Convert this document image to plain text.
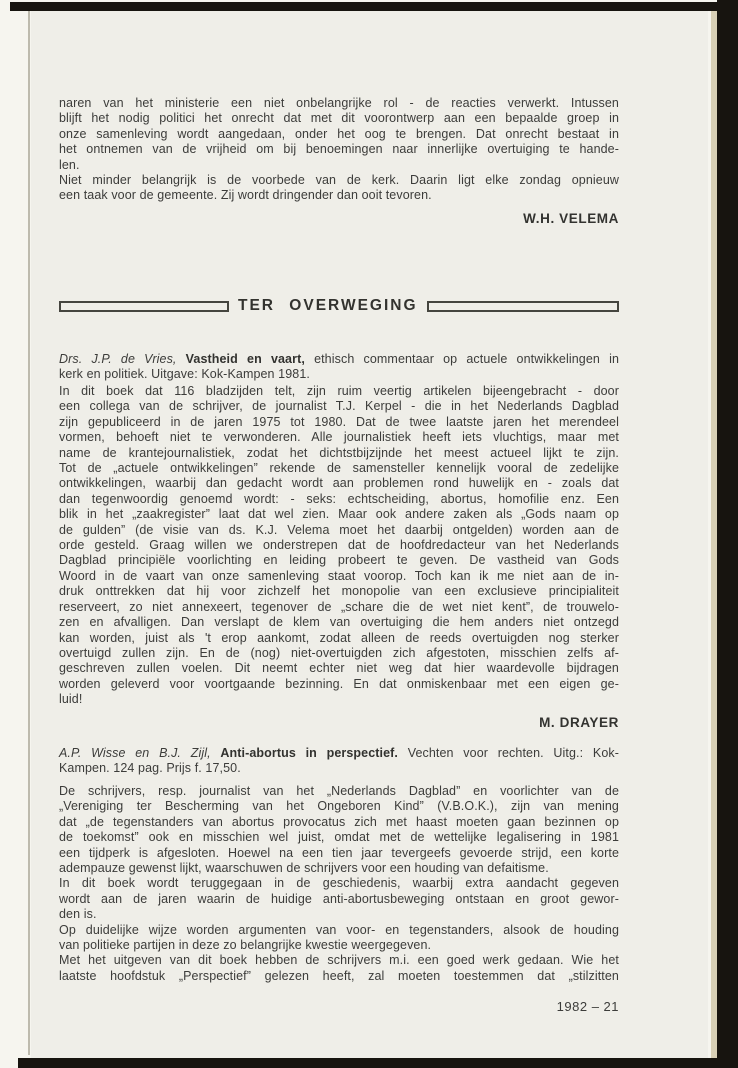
naren van het ministerie een niet onbelangrijke rol - de reacties verwerkt. Intussen
blijft het nodig politici het onrecht dat met dit voorontwerp aan een bepaalde groep in
onze samenleving wordt aangedaan, onder het oog te brengen. Dat onrecht bestaat in
het ontnemen van de vrijheid om bij benoemingen naar innerlijke overtuiging te hande-
len.
Niet minder belangrijk is de voorbede van de kerk. Daarin ligt elke zondag opnieuw
een taak voor de gemeente. Zij wordt dringender dan ooit tevoren.
W.H. VELEMA
TER OVERWEGING
Drs. J.P. de Vries, Vastheid en vaart, ethisch commentaar op actuele ontwikkelingen in
kerk en politiek. Uitgave: Kok-Kampen 1981.
In dit boek dat 116 bladzijden telt, zijn ruim veertig artikelen bijeengebracht - door
een collega van de schrijver, de journalist T.J. Kerpel - die in het Nederlands Dagblad
zijn gepubliceerd in de jaren 1975 tot 1980. Dat de twee laatste jaren het merendeel
vormen, behoeft niet te verwonderen. Alle journalistiek heeft iets vluchtigs, maar met
name de krantejournalistiek, zodat het dichtstbijzijnde het meest actueel lijkt te zijn.
Tot de „actuele ontwikkelingen” rekende de samensteller kennelijk vooral de zedelijke
ontwikkelingen, waarbij dan gedacht wordt aan problemen rond huwelijk en - zoals dat
dan tegenwoordig genoemd wordt: - seks: echtscheiding, abortus, homofilie enz. Een
blik in het „zaakregister” laat dat wel zien. Maar ook andere zaken als „Gods naam op
de gulden” (de visie van ds. K.J. Velema moet het daarbij ontgelden) worden aan de
orde gesteld. Graag willen we onderstrepen dat de hoofdredacteur van het Nederlands
Dagblad principiële voorlichting en leiding probeert te geven. De vastheid van Gods
Woord in de vaart van onze samenleving staat voorop. Toch kan ik me niet aan de in-
druk onttrekken dat hij voor zichzelf het monopolie van een exclusieve principialiteit
reserveert, zo niet annexeert, tegenover de „schare die de wet niet kent”, de trouwelo-
zen en afvalligen. Dan verslapt de klem van overtuiging die hem anders niet ontzegd
kan worden, juist als 't erop aankomt, zodat alleen de reeds overtuigden nog sterker
overtuigd zullen zijn. En de (nog) niet-overtuigden zich afgestoten, misschien zelfs af-
geschreven zullen voelen. Dit neemt echter niet weg dat hier waardevolle bijdragen
worden geleverd voor voortgaande bezinning. En dat onmiskenbaar met een eigen ge-
luid!
M. DRAYER
A.P. Wisse en B.J. Zijl, Anti-abortus in perspectief. Vechten voor rechten. Uitg.: Kok-
Kampen. 124 pag. Prijs f. 17,50.
De schrijvers, resp. journalist van het „Nederlands Dagblad” en voorlichter van de
„Vereniging ter Bescherming van het Ongeboren Kind” (V.B.O.K.), zijn van mening
dat „de tegenstanders van abortus provocatus zich met haast moeten gaan bezinnen op
de toekomst” ook en misschien wel juist, omdat met de wettelijke legalisering in 1981
een tijdperk is afgesloten. Hoewel na een tien jaar tevergeefs gevoerde strijd, een korte
adempauze gewenst lijkt, waarschuwen de schrijvers voor een houding van defaitisme.
In dit boek wordt teruggegaan in de geschiedenis, waarbij extra aandacht gegeven
wordt aan de jaren waarin de huidige anti-abortusbeweging ontstaan en groot gewor-
den is.
Op duidelijke wijze worden argumenten van voor- en tegenstanders, alsook de houding
van politieke partijen in deze zo belangrijke kwestie weergegeven.
Met het uitgeven van dit boek hebben de schrijvers m.i. een goed werk gedaan. Wie het
laatste hoofdstuk „Perspectief” gelezen heeft, zal moeten toestemmen dat „stilzitten
1982 – 21
